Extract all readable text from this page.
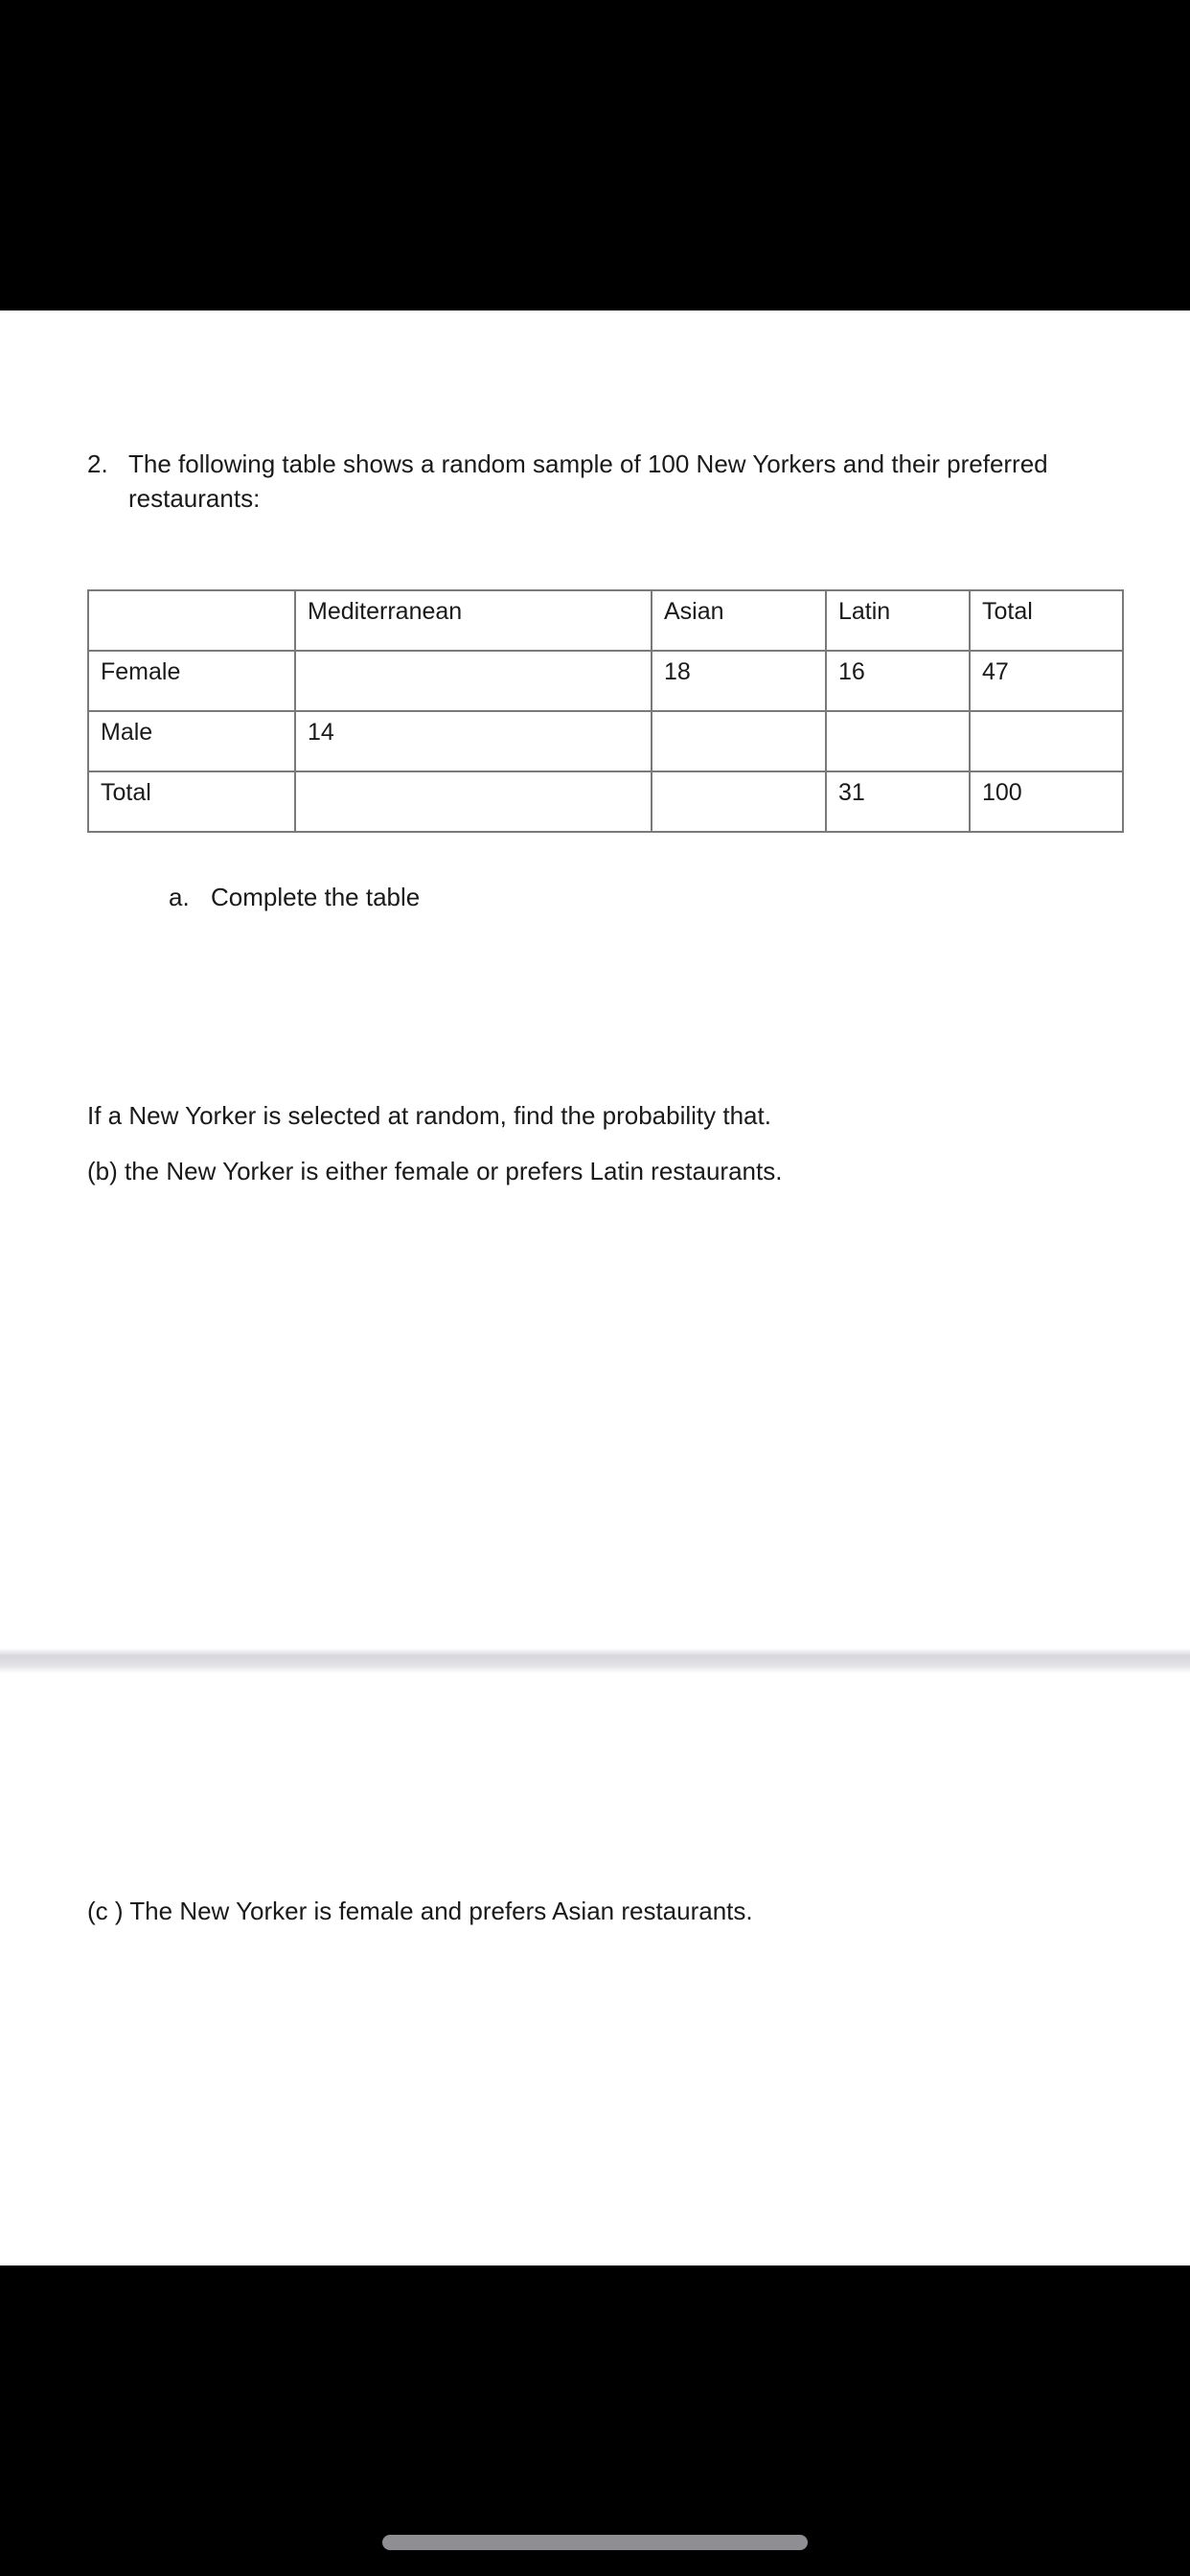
2. The following table shows a random sample of 100 New Yorkers and their preferred
restaurants:
	Mediterranean	Asian	Latin	Total
Female		18	16	47
Male	14			
Total			31	100
a. Complete the table
If a New Yorker is selected at random, find the probability that.
(b) the New Yorker is either female or prefers Latin restaurants.
(c ) The New Yorker is female and prefers Asian restaurants.
